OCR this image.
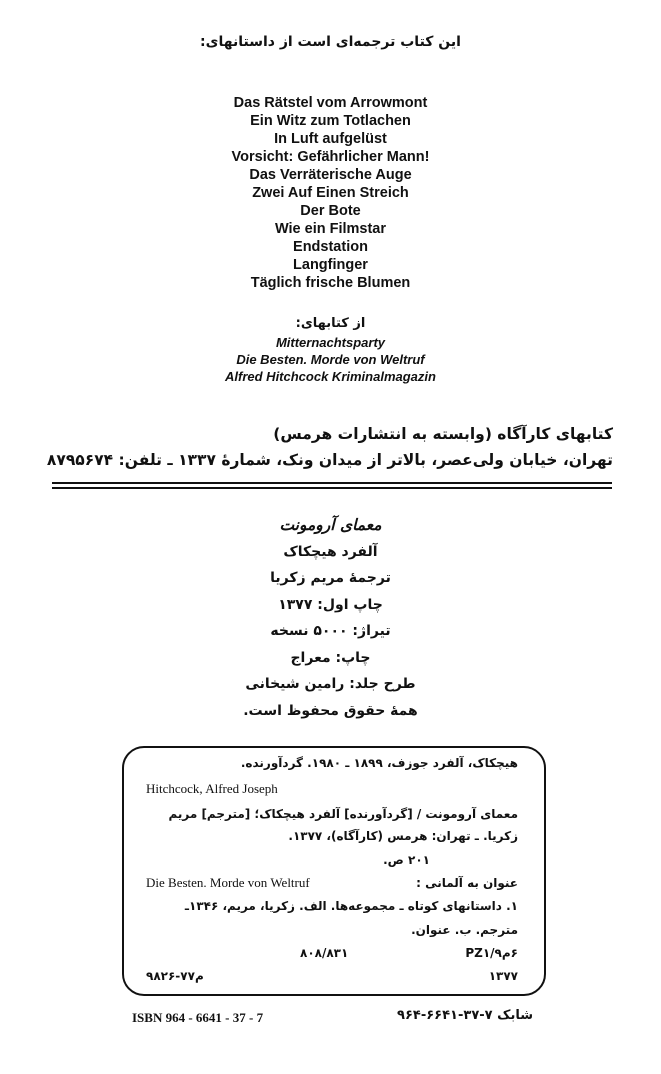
این کتاب ترجمه‌ای است از داستانهای:
Das Rätstel vom Arrowmont
Ein Witz zum Totlachen
In Luft aufgelüst
Vorsicht: Gefährlicher Mann!
Das Verräterische Auge
Zwei Auf Einen Streich
Der Bote
Wie ein Filmstar
Endstation
Langfinger
Täglich frische Blumen
از کتابهای:
Mitternachtsparty
Die Besten. Morde von Weltruf
Alfred Hitchcock Kriminalmagazin
کتابهای کارآگاه (وابسته به انتشارات هرمس)
تهران، خیابان ولی‌عصر، بالاتر از میدان ونک، شمارهٔ ۱۳۳۷ ـ تلفن: ۸۷۹۵۶۷۴
معمای آرومونت
آلفرد هیچکاک
ترجمهٔ مریم زکریا
چاپ اول: ۱۳۷۷
تیراژ: ۵۰۰۰ نسخه
چاپ: معراج
طرح جلد: رامین شیخانی
همهٔ حقوق محفوظ است.
هیچکاک، آلفرد جوزف، ۱۸۹۹ ـ ۱۹۸۰. گردآورنده.
Hitchcock, Alfred Joseph
معمای آرومونت / [گردآورنده] آلفرد هیچکاک؛ [مترجم] مریم
زکریا. ـ تهران: هرمس (کارآگاه)، ۱۳۷۷.
۲۰۱ ص.
عنوان به آلمانی :
Die Besten. Morde von Weltruf
۱. داستانهای کوتاه ـ مجموعه‌ها. الف. زکریا، مریم، ۱۳۴۶ـ
مترجم. ب. عنوان.
۶م۹/PZ۱
۸۰۸/۸۳۱
۱۳۷۷
م۷۷-۹۸۲۶
ISBN 964 - 6641 - 37 - 7	شابک ۷-۳۷-۶۶۴۱-۹۶۴
